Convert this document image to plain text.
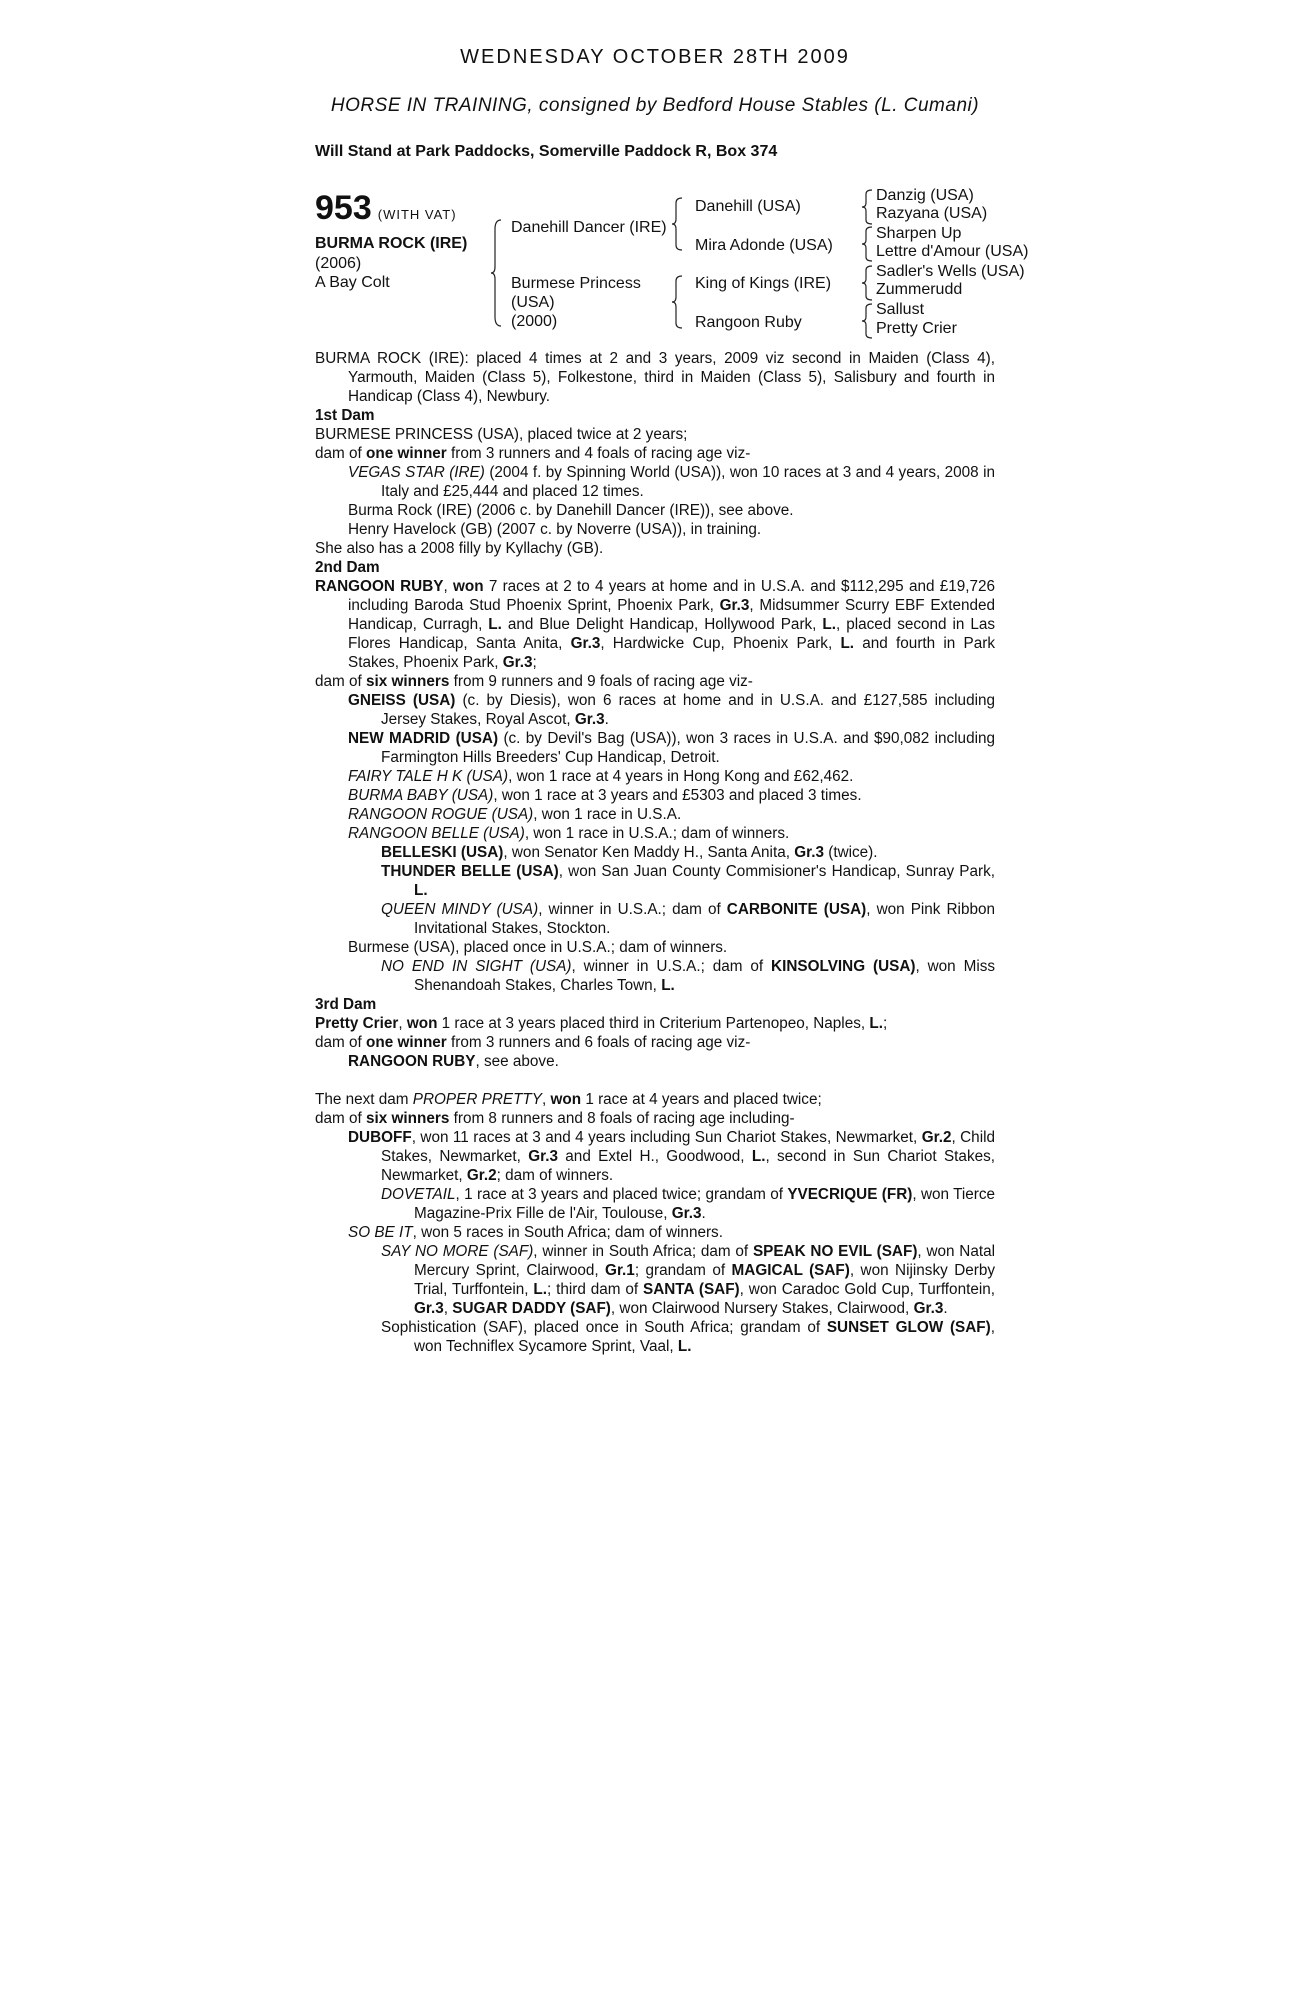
WEDNESDAY OCTOBER 28TH 2009
HORSE IN TRAINING, consigned by Bedford House Stables (L. Cumani)
Will Stand at Park Paddocks, Somerville Paddock R, Box 374
953 (WITH VAT)
BURMA ROCK (IRE)
(2006)
A Bay Colt
Danehill Dancer (IRE)
Burmese Princess
(USA)
(2000)
Danehill (USA)
Mira Adonde (USA)
King of Kings (IRE)
Rangoon Ruby
Danzig (USA)
Razyana (USA)
Sharpen Up
Lettre d'Amour (USA)
Sadler's Wells (USA)
Zummerudd
Sallust
Pretty Crier

BURMA ROCK (IRE): placed 4 times at 2 and 3 years, 2009 viz second in Maiden (Class 4), Yarmouth, Maiden (Class 5), Folkestone, third in Maiden (Class 5), Salisbury and fourth in Handicap (Class 4), Newbury.

1st Dam

BURMESE PRINCESS (USA), placed twice at 2 years;

dam of one winner from 3 runners and 4 foals of racing age viz-

VEGAS STAR (IRE) (2004 f. by Spinning World (USA)), won 10 races at 3 and 4 years, 2008 in Italy and £25,444 and placed 12 times.

Burma Rock (IRE) (2006 c. by Danehill Dancer (IRE)), see above.

Henry Havelock (GB) (2007 c. by Noverre (USA)), in training.

She also has a 2008 filly by Kyllachy (GB).

2nd Dam

RANGOON RUBY, won 7 races at 2 to 4 years at home and in U.S.A. and $112,295 and £19,726 including Baroda Stud Phoenix Sprint, Phoenix Park, Gr.3, Midsummer Scurry EBF Extended Handicap, Curragh, L. and Blue Delight Handicap, Hollywood Park, L., placed second in Las Flores Handicap, Santa Anita, Gr.3, Hardwicke Cup, Phoenix Park, L. and fourth in Park Stakes, Phoenix Park, Gr.3;

dam of six winners from 9 runners and 9 foals of racing age viz-

GNEISS (USA) (c. by Diesis), won 6 races at home and in U.S.A. and £127,585 including Jersey Stakes, Royal Ascot, Gr.3.

NEW MADRID (USA) (c. by Devil's Bag (USA)), won 3 races in U.S.A. and $90,082 including Farmington Hills Breeders' Cup Handicap, Detroit.

FAIRY TALE H K (USA), won 1 race at 4 years in Hong Kong and £62,462.

BURMA BABY (USA), won 1 race at 3 years and £5303 and placed 3 times.

RANGOON ROGUE (USA), won 1 race in U.S.A.

RANGOON BELLE (USA), won 1 race in U.S.A.; dam of winners.

BELLESKI (USA), won Senator Ken Maddy H., Santa Anita, Gr.3 (twice).

THUNDER BELLE (USA), won San Juan County Commisioner's Handicap, Sunray Park, L.

QUEEN MINDY (USA), winner in U.S.A.; dam of CARBONITE (USA), won Pink Ribbon Invitational Stakes, Stockton.

Burmese (USA), placed once in U.S.A.; dam of winners.

NO END IN SIGHT (USA), winner in U.S.A.; dam of KINSOLVING (USA), won Miss Shenandoah Stakes, Charles Town, L.

3rd Dam

Pretty Crier, won 1 race at 3 years placed third in Criterium Partenopeo, Naples, L.;

dam of one winner from 3 runners and 6 foals of racing age viz-

RANGOON RUBY, see above.

The next dam PROPER PRETTY, won 1 race at 4 years and placed twice;

dam of six winners from 8 runners and 8 foals of racing age including-

DUBOFF, won 11 races at 3 and 4 years including Sun Chariot Stakes, Newmarket, Gr.2, Child Stakes, Newmarket, Gr.3 and Extel H., Goodwood, L., second in Sun Chariot Stakes, Newmarket, Gr.2; dam of winners.

DOVETAIL, 1 race at 3 years and placed twice; grandam of YVECRIQUE (FR), won Tierce Magazine-Prix Fille de l'Air, Toulouse, Gr.3.

SO BE IT, won 5 races in South Africa; dam of winners.

SAY NO MORE (SAF), winner in South Africa; dam of SPEAK NO EVIL (SAF), won Natal Mercury Sprint, Clairwood, Gr.1; grandam of MAGICAL (SAF), won Nijinsky Derby Trial, Turffontein, L.; third dam of SANTA (SAF), won Caradoc Gold Cup, Turffontein, Gr.3, SUGAR DADDY (SAF), won Clairwood Nursery Stakes, Clairwood, Gr.3.

Sophistication (SAF), placed once in South Africa; grandam of SUNSET GLOW (SAF), won Techniflex Sycamore Sprint, Vaal, L.
